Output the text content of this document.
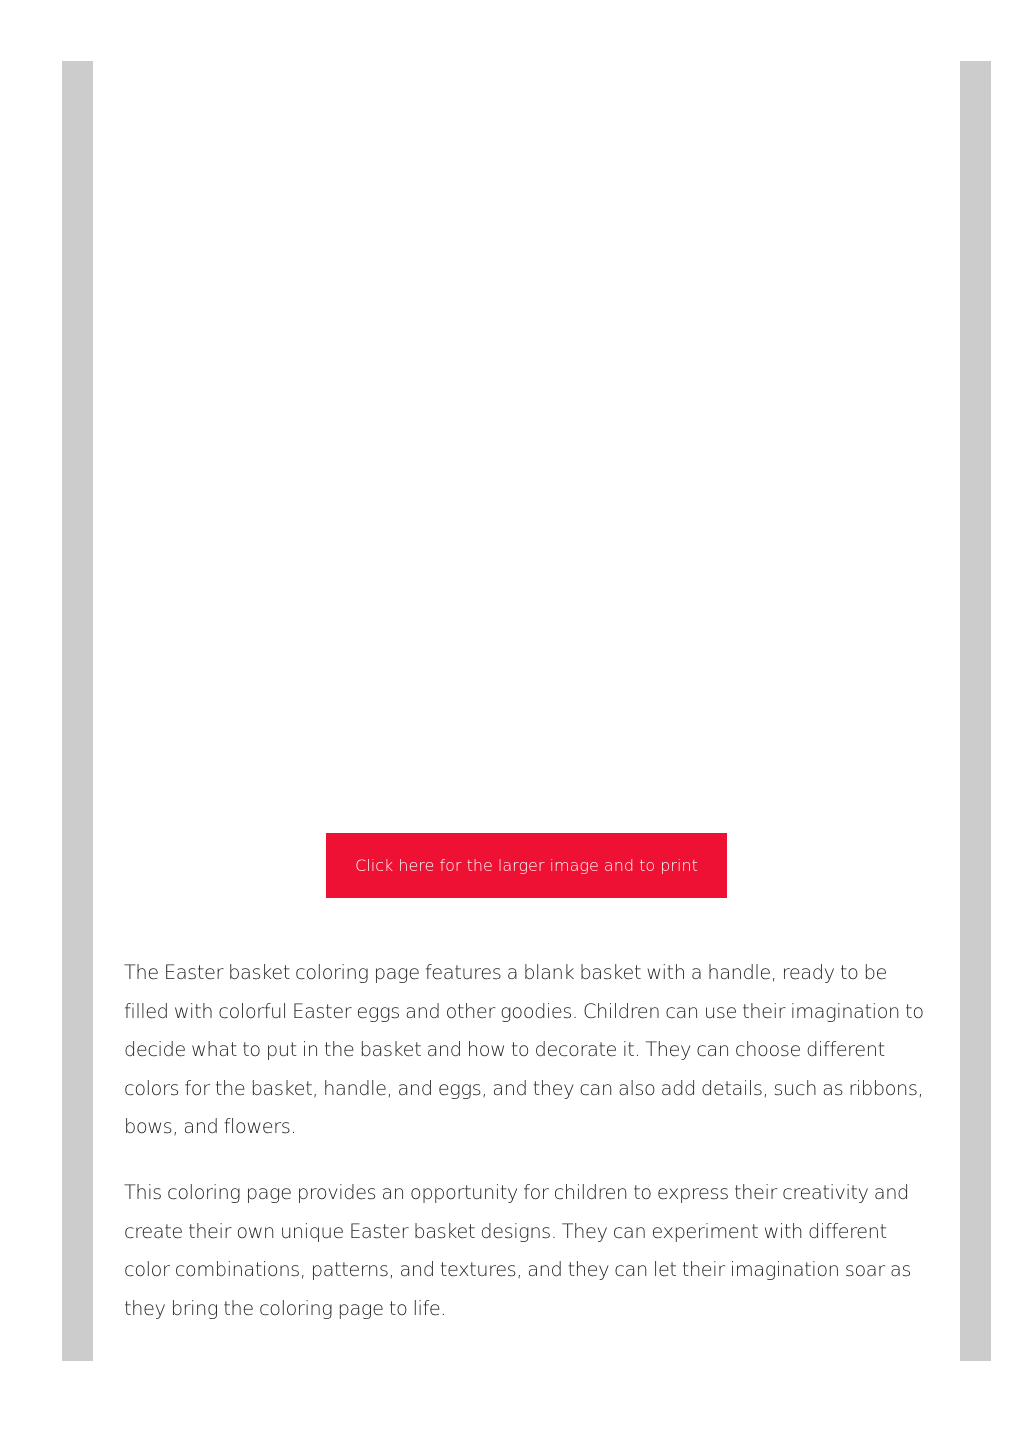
Click here for the larger image and to print

The Easter basket coloring page features a blank basket with a handle, ready to be filled with colorful Easter eggs and other goodies. Children can use their imagination to decide what to put in the basket and how to decorate it. They can choose different colors for the basket, handle, and eggs, and they can also add details, such as ribbons, bows, and flowers.

This coloring page provides an opportunity for children to express their creativity and create their own unique Easter basket designs. They can experiment with different color combinations, patterns, and textures, and they can let their imagination soar as they bring the coloring page to life.
